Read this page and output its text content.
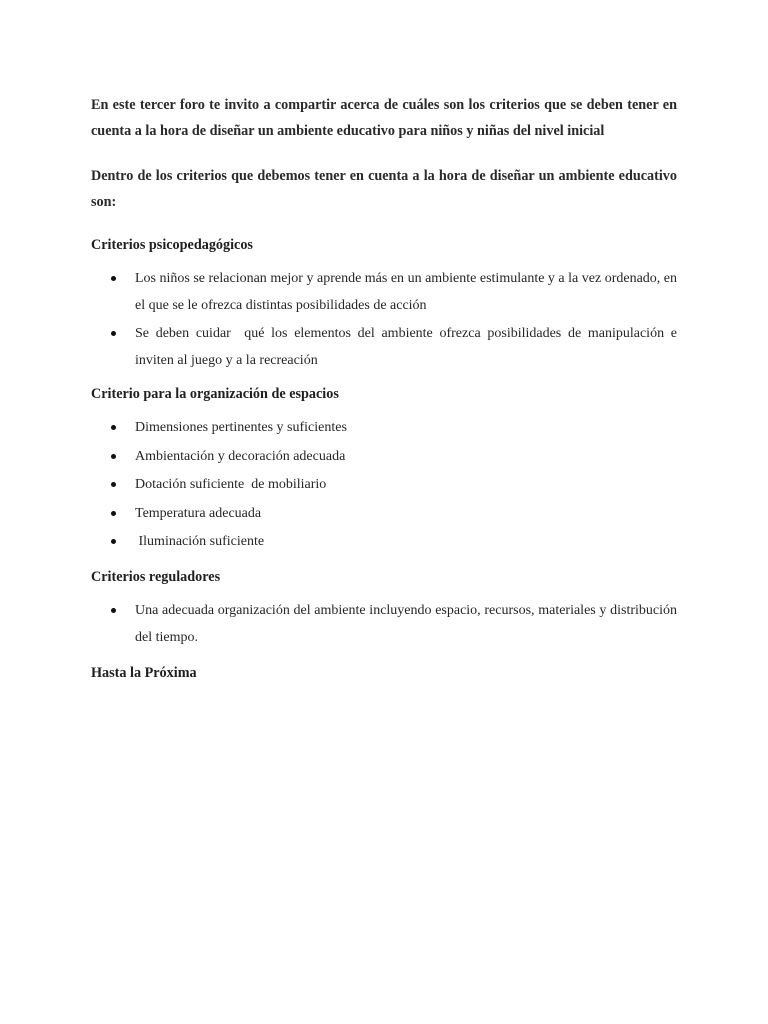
En este tercer foro te invito a compartir acerca de cuáles son los criterios que se deben tener en cuenta a la hora de diseñar un ambiente educativo para niños y niñas del nivel inicial

Dentro de los criterios que debemos tener en cuenta a la hora de diseñar un ambiente educativo son:

Criterios psicopedagógicos

Los niños se relacionan mejor y aprende más en un ambiente estimulante y a la vez ordenado, en el que se le ofrezca distintas posibilidades de acción
Se deben cuidar  qué los elementos del ambiente ofrezca posibilidades de manipulación e inviten al juego y a la recreación

Criterio para la organización de espacios

Dimensiones pertinentes y suficientes
Ambientación y decoración adecuada
Dotación suficiente  de mobiliario
Temperatura adecuada
Iluminación suficiente

Criterios reguladores

Una adecuada organización del ambiente incluyendo espacio, recursos, materiales y distribución del tiempo.

Hasta la Próxima
